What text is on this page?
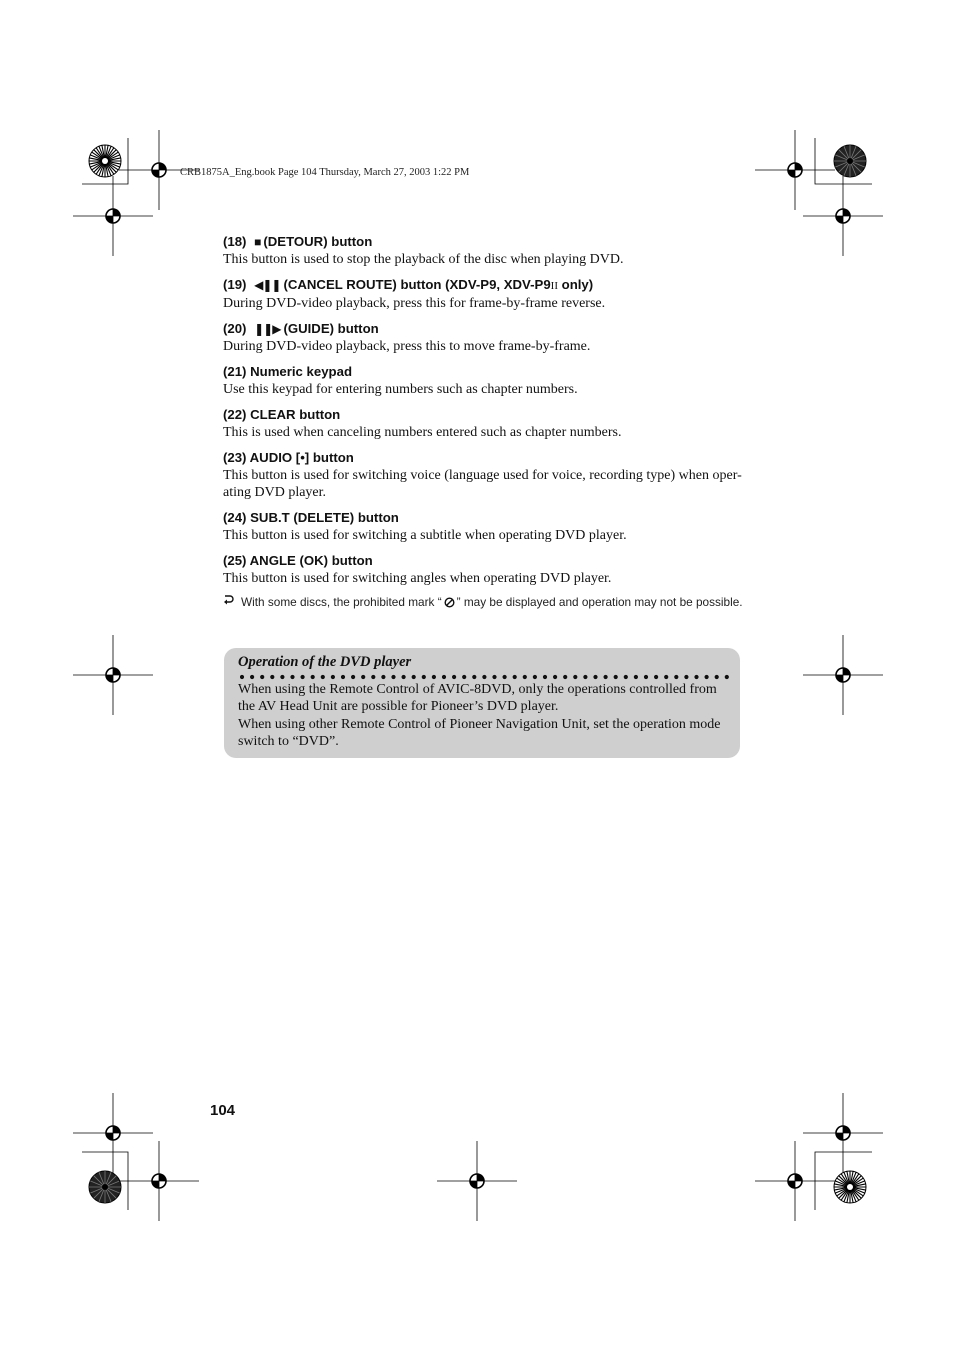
CRB1875A_Eng.book Page 104 Thursday, March 27, 2003 1:22 PM
(18) ■ (DETOUR) button
This button is used to stop the playback of the disc when playing DVD.
(19) ◀❚❚ (CANCEL ROUTE) button (XDV-P9, XDV-P9II only)
During DVD-video playback, press this for frame-by-frame reverse.
(20) ❚❚▶ (GUIDE) button
During DVD-video playback, press this to move frame-by-frame.
(21) Numeric keypad
Use this keypad for entering numbers such as chapter numbers.
(22) CLEAR button
This is used when canceling numbers entered such as chapter numbers.
(23) AUDIO [•] button
This button is used for switching voice (language used for voice, recording type) when oper-ating DVD player.
(24) SUB.T (DELETE) button
This button is used for switching a subtitle when operating DVD player.
(25) ANGLE (OK) button
This button is used for switching angles when operating DVD player.
With some discs, the prohibited mark “ ” may be displayed and operation may not be possible.
Operation of the DVD player
When using the Remote Control of AVIC-8DVD, only the operations controlled from the AV Head Unit are possible for Pioneer’s DVD player.
When using other Remote Control of Pioneer Navigation Unit, set the operation mode switch to “DVD”.
104
